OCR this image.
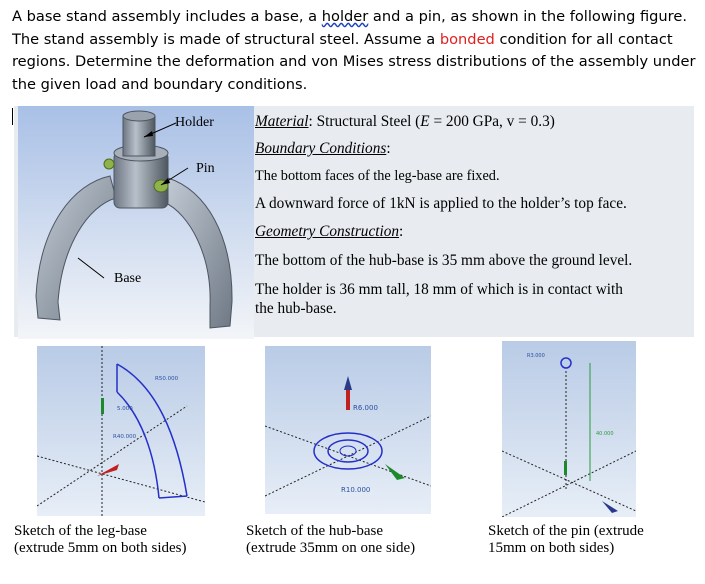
A base stand assembly includes a base, a holder and a pin, as shown in the following figure. The stand assembly is made of structural steel. Assume a bonded condition for all contact regions. Determine the deformation and von Mises stress distributions of the assembly under the given load and boundary conditions.
Holder
Pin
Base
Material: Structural Steel (E = 200 GPa, v = 0.3)
Boundary Conditions:
The bottom faces of the leg-base are fixed.
A downward force of 1kN is applied to the holder’s top face.
Geometry Construction:
The bottom of the hub-base is 35 mm above the ground level.
The holder is 36 mm tall, 18 mm of which is in contact with
the hub-base.
R50.000
5.000
R40.000
R6.000
R10.000
R3.000
40.000
Sketch of the leg-base
(extrude 5mm on both sides)
Sketch of the hub-base
(extrude 35mm on one side)
Sketch of the pin (extrude
15mm on both sides)
